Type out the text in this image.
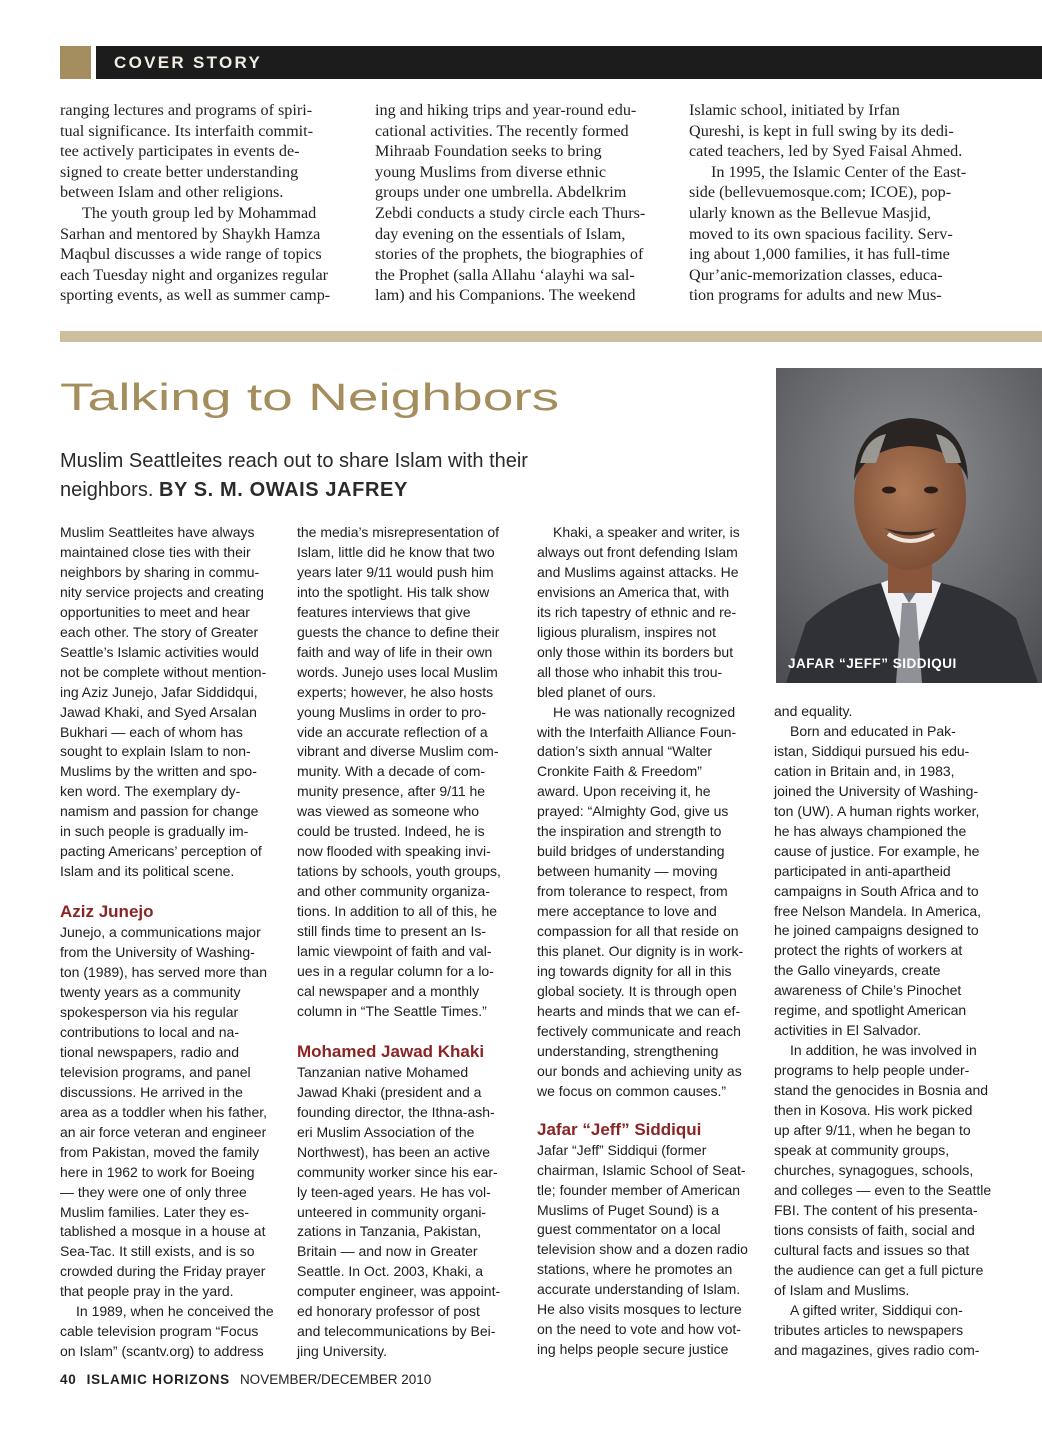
COVER STORY

ranging lectures and programs of spiri-
tual significance. Its interfaith commit-
tee actively participates in events de-
signed to create better understanding
between Islam and other religions.

The youth group led by Mohammad
Sarhan and mentored by Shaykh Hamza
Maqbul discusses a wide range of topics
each Tuesday night and organizes regular
sporting events, as well as summer camp-

ing and hiking trips and year-round edu-
cational activities. The recently formed
Mihraab Foundation seeks to bring
young Muslims from diverse ethnic
groups under one umbrella. Abdelkrim
Zebdi conducts a study circle each Thurs-
day evening on the essentials of Islam,
stories of the prophets, the biographies of
the Prophet (salla Allahu ‘alayhi wa sal-
lam) and his Companions. The weekend

Islamic school, initiated by Irfan
Qureshi, is kept in full swing by its dedi-
cated teachers, led by Syed Faisal Ahmed.

In 1995, the Islamic Center of the East-
side (bellevuemosque.com; ICOE), pop-
ularly known as the Bellevue Masjid,
moved to its own spacious facility. Serv-
ing about 1,000 families, it has full-time
Qur’anic-memorization classes, educa-
tion programs for adults and new Mus-

Talking to Neighbors
Muslim Seattleites reach out to share Islam with their neighbors. BY S. M. OWAIS JAFREY
JAFAR “JEFF” SIDDIQUI

Muslim Seattleites have always
maintained close ties with their
neighbors by sharing in commu-
nity service projects and creating
opportunities to meet and hear
each other. The story of Greater
Seattle’s Islamic activities would
not be complete without mention-
ing Aziz Junejo, Jafar Siddidqui,
Jawad Khaki, and Syed Arsalan
Bukhari — each of whom has
sought to explain Islam to non-
Muslims by the written and spo-
ken word. The exemplary dy-
namism and passion for change
in such people is gradually im-
pacting Americans’ perception of
Islam and its political scene.

Aziz Junejo

Junejo, a communications major
from the University of Washing-
ton (1989), has served more than
twenty years as a community
spokesperson via his regular
contributions to local and na-
tional newspapers, radio and
television programs, and panel
discussions. He arrived in the
area as a toddler when his father,
an air force veteran and engineer
from Pakistan, moved the family
here in 1962 to work for Boeing
— they were one of only three
Muslim families. Later they es-
tablished a mosque in a house at
Sea-Tac. It still exists, and is so
crowded during the Friday prayer
that people pray in the yard.

In 1989, when he conceived the
cable television program “Focus
on Islam” (scantv.org) to address

the media’s misrepresentation of
Islam, little did he know that two
years later 9/11 would push him
into the spotlight. His talk show
features interviews that give
guests the chance to define their
faith and way of life in their own
words. Junejo uses local Muslim
experts; however, he also hosts
young Muslims in order to pro-
vide an accurate reflection of a
vibrant and diverse Muslim com-
munity. With a decade of com-
munity presence, after 9/11 he
was viewed as someone who
could be trusted. Indeed, he is
now flooded with speaking invi-
tations by schools, youth groups,
and other community organiza-
tions. In addition to all of this, he
still finds time to present an Is-
lamic viewpoint of faith and val-
ues in a regular column for a lo-
cal newspaper and a monthly
column in “The Seattle Times.”

Mohamed Jawad Khaki

Tanzanian native Mohamed
Jawad Khaki (president and a
founding director, the Ithna-ash-
eri Muslim Association of the
Northwest), has been an active
community worker since his ear-
ly teen-aged years. He has vol-
unteered in community organi-
zations in Tanzania, Pakistan,
Britain — and now in Greater
Seattle. In Oct. 2003, Khaki, a
computer engineer, was appoint-
ed honorary professor of post
and telecommunications by Bei-
jing University.

Khaki, a speaker and writer, is
always out front defending Islam
and Muslims against attacks. He
envisions an America that, with
its rich tapestry of ethnic and re-
ligious pluralism, inspires not
only those within its borders but
all those who inhabit this trou-
bled planet of ours.

He was nationally recognized
with the Interfaith Alliance Foun-
dation’s sixth annual “Walter
Cronkite Faith & Freedom”
award. Upon receiving it, he
prayed: “Almighty God, give us
the inspiration and strength to
build bridges of understanding
between humanity — moving
from tolerance to respect, from
mere acceptance to love and
compassion for all that reside on
this planet. Our dignity is in work-
ing towards dignity for all in this
global society. It is through open
hearts and minds that we can ef-
fectively communicate and reach
understanding, strengthening
our bonds and achieving unity as
we focus on common causes.”

Jafar “Jeff” Siddiqui

Jafar “Jeff” Siddiqui (former
chairman, Islamic School of Seat-
tle; founder member of American
Muslims of Puget Sound) is a
guest commentator on a local
television show and a dozen radio
stations, where he promotes an
accurate understanding of Islam.
He also visits mosques to lecture
on the need to vote and how vot-
ing helps people secure justice

and equality.

Born and educated in Pak-
istan, Siddiqui pursued his edu-
cation in Britain and, in 1983,
joined the University of Washing-
ton (UW). A human rights worker,
he has always championed the
cause of justice. For example, he
participated in anti-apartheid
campaigns in South Africa and to
free Nelson Mandela. In America,
he joined campaigns designed to
protect the rights of workers at
the Gallo vineyards, create
awareness of Chile’s Pinochet
regime, and spotlight American
activities in El Salvador.

In addition, he was involved in
programs to help people under-
stand the genocides in Bosnia and
then in Kosova. His work picked
up after 9/11, when he began to
speak at community groups,
churches, synagogues, schools,
and colleges — even to the Seattle
FBI. The content of his presenta-
tions consists of faith, social and
cultural facts and issues so that
the audience can get a full picture
of Islam and Muslims.

A gifted writer, Siddiqui con-
tributes articles to newspapers
and magazines, gives radio com-

40 ISLAMIC HORIZONS NOVEMBER/DECEMBER 2010
